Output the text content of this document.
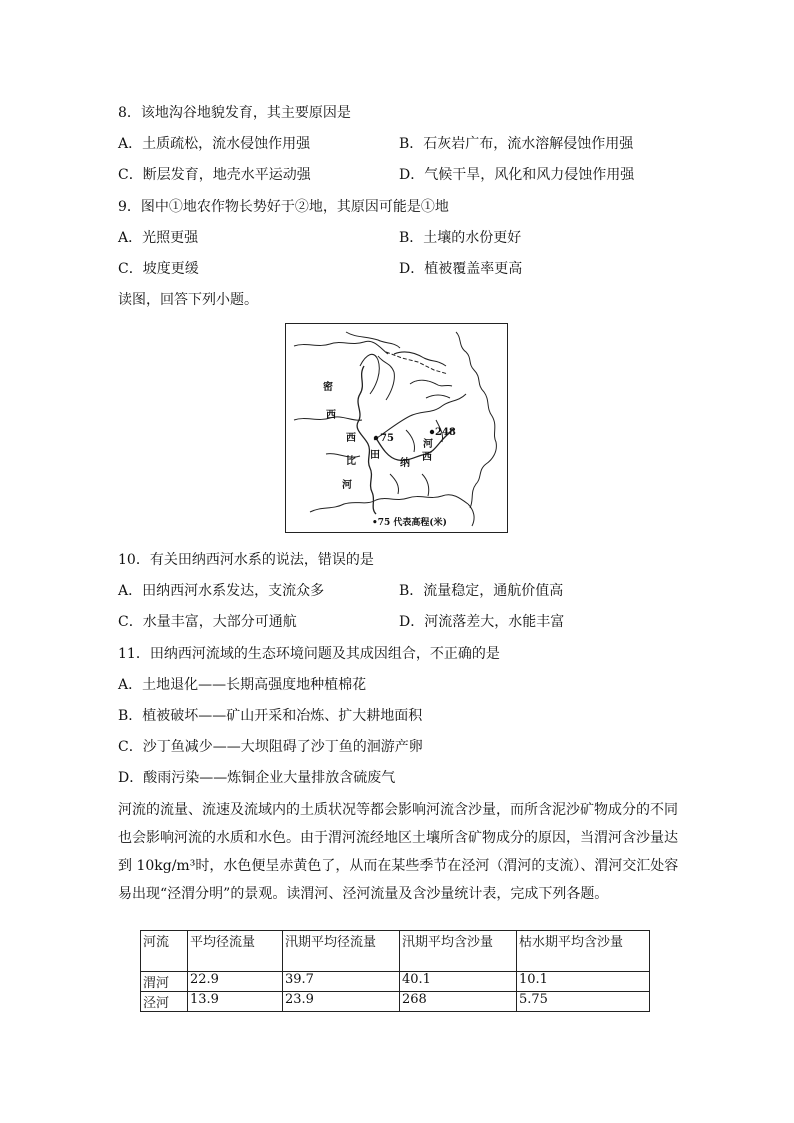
8．该地沟谷地貌发育，其主要原因是
A．土质疏松，流水侵蚀作用强	B．石灰岩广布，流水溶解侵蚀作用强
C．断层发育，地壳水平运动强	D．气候干旱，风化和风力侵蚀作用强
9．图中①地农作物长势好于②地，其原因可能是①地
A．光照更强	B．土壤的水份更好
C．坡度更缓	D．植被覆盖率更高
读图，回答下列小题。
密
西
西
比
河
75
248
田
纳
西
河
•75 代表高程(米)
10．有关田纳西河水系的说法，错误的是
A．田纳西河水系发达，支流众多	B．流量稳定，通航价值高
C．水量丰富，大部分可通航	D．河流落差大，水能丰富
11．田纳西河流域的生态环境问题及其成因组合，不正确的是
A．土地退化——长期高强度地种植棉花
B．植被破坏——矿山开采和冶炼、扩大耕地面积
C．沙丁鱼减少——大坝阻碍了沙丁鱼的洄游产卵
D．酸雨污染——炼铜企业大量排放含硫废气
河流的流量、流速及流域内的土质状况等都会影响河流含沙量，而所含泥沙矿物成分的不同
也会影响河流的水质和水色。由于渭河流经地区土壤所含矿物成分的原因，当渭河含沙量达
到 10kg/m³时，水色便呈赤黄色了，从而在某些季节在泾河（渭河的支流）、渭河交汇处容
易出现“泾渭分明”的景观。读渭河、泾河流量及含沙量统计表，完成下列各题。
河流	平均径流量	汛期平均径流量	汛期平均含沙量	枯水期平均含沙量
渭河	22.9	39.7	40.1	10.1
泾河	13.9	23.9	268	5.75
